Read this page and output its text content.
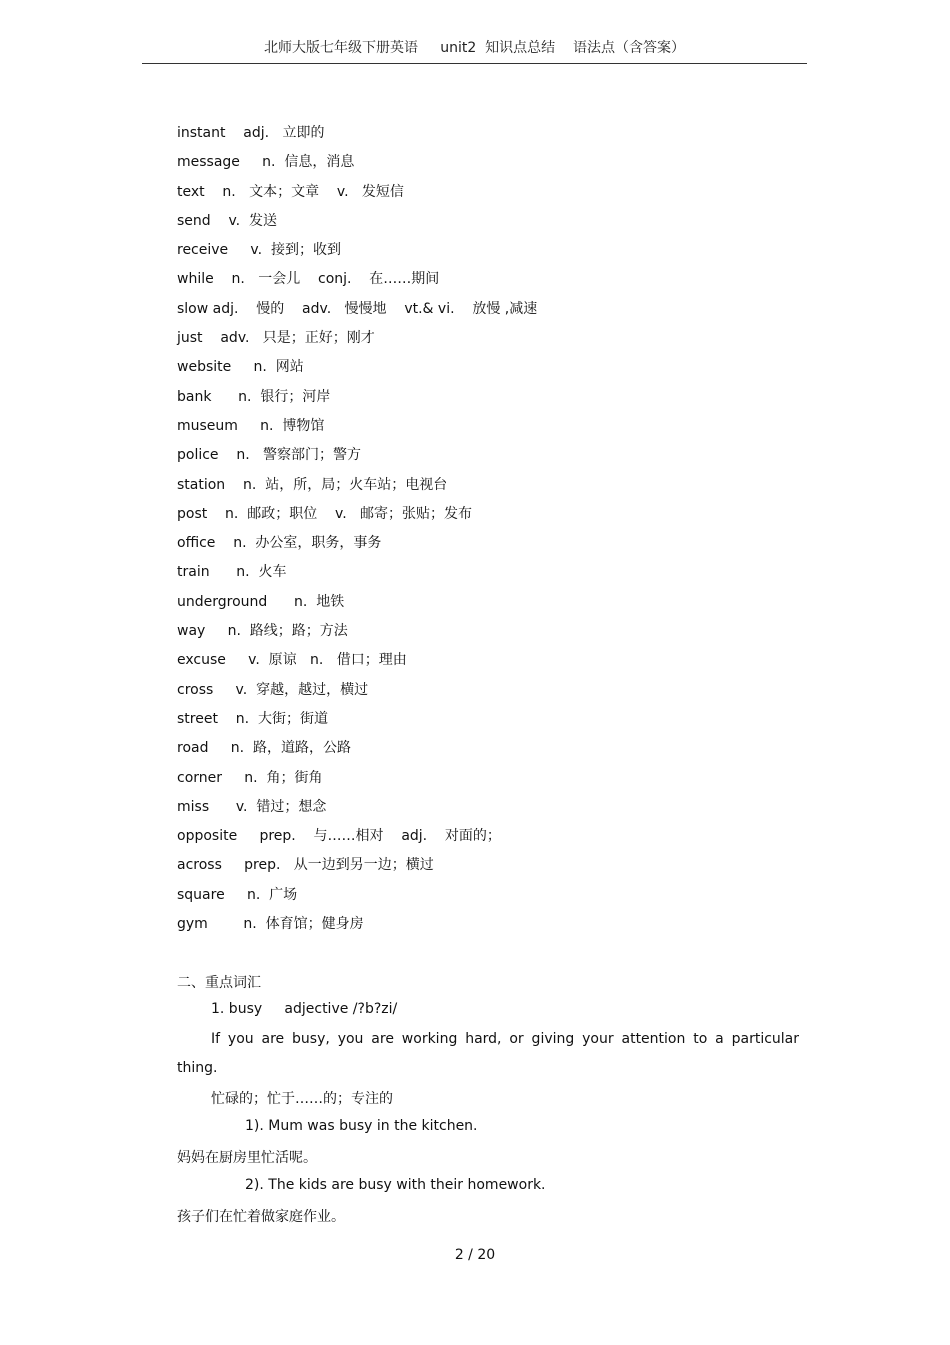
北师大版七年级下册英语     unit2  知识点总结    语法点（含答案）
instant    adj.   立即的
message     n.  信息，消息
text    n.   文本；文章    v.   发短信
send    v.  发送
receive     v.  接到；收到
while    n.   一会儿    conj.    在……期间
slow adj.    慢的    adv.   慢慢地    vt.& vi.    放慢 ,减速
just    adv.   只是；正好；刚才
website     n.  网站
bank      n.  银行；河岸
museum     n.  博物馆
police    n.   警察部门；警方
station    n.  站，所，局；火车站；电视台
post    n.  邮政；职位    v.   邮寄；张贴；发布
office    n.  办公室，职务，事务
train      n.  火车
underground      n.  地铁
way     n.  路线；路；方法
excuse     v.  原谅   n.   借口；理由
cross     v.  穿越，越过，横过
street    n.  大街；街道
road     n.  路，道路，公路
corner     n.  角；街角
miss      v.  错过；想念
opposite     prep.    与……相对    adj.    对面的；
across     prep.   从一边到另一边；横过
square     n.  广场
gym        n.  体育馆；健身房
二、重点词汇
1. busy     adjective /?b?zi/
If you are busy, you are working hard, or giving your attention to a particular
thing.
忙碌的；忙于……的；专注的
1). Mum was busy in the kitchen.
妈妈在厨房里忙活呢。
2). The kids are busy with their homework.
孩子们在忙着做家庭作业。
2 / 20
